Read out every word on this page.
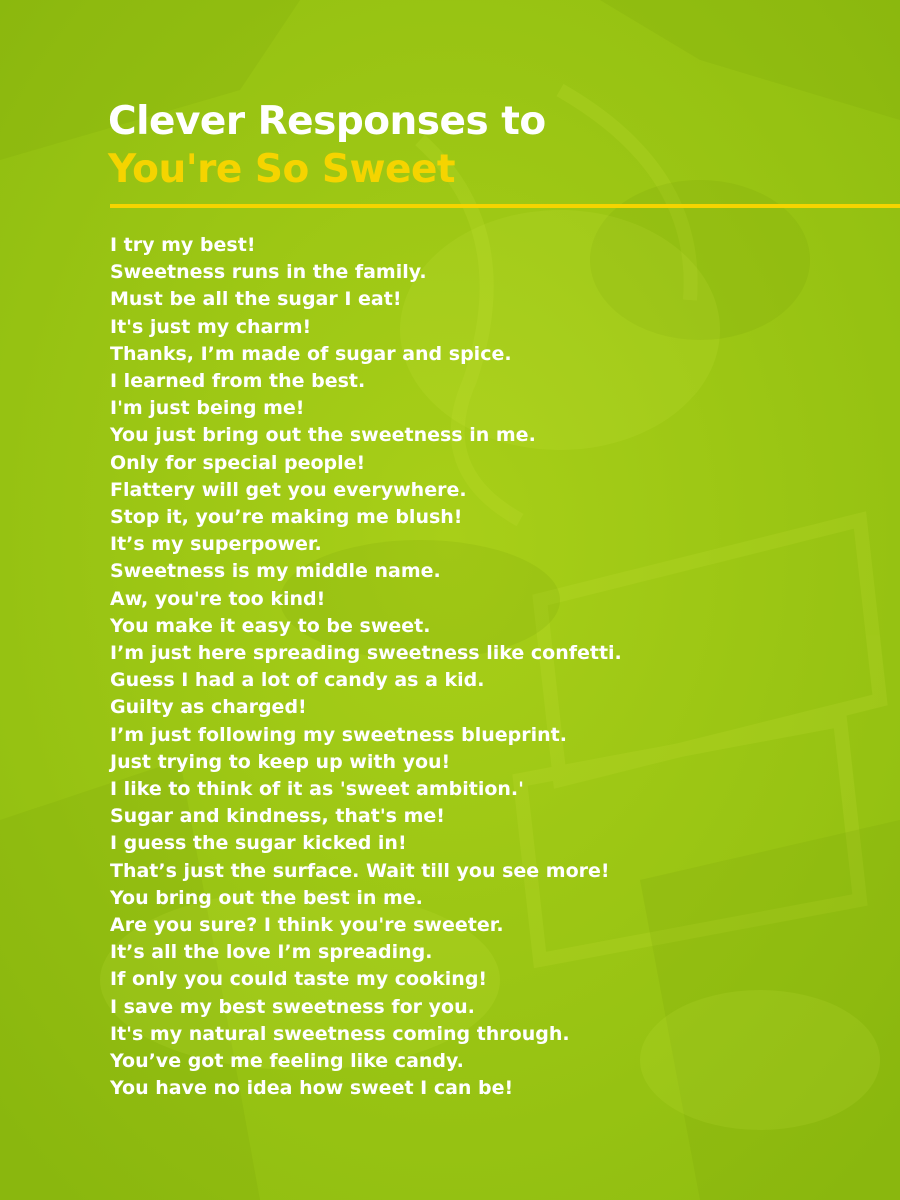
Clever Responses to
You're So Sweet
I try my best!
Sweetness runs in the family.
Must be all the sugar I eat!
It's just my charm!
Thanks, I’m made of sugar and spice.
I learned from the best.
I'm just being me!
You just bring out the sweetness in me.
Only for special people!
Flattery will get you everywhere.
Stop it, you’re making me blush!
It’s my superpower.
Sweetness is my middle name.
Aw, you're too kind!
You make it easy to be sweet.
I’m just here spreading sweetness like confetti.
Guess I had a lot of candy as a kid.
Guilty as charged!
I’m just following my sweetness blueprint.
Just trying to keep up with you!
I like to think of it as 'sweet ambition.'
Sugar and kindness, that's me!
I guess the sugar kicked in!
That’s just the surface. Wait till you see more!
You bring out the best in me.
Are you sure? I think you're sweeter.
It’s all the love I’m spreading.
If only you could taste my cooking!
I save my best sweetness for you.
It's my natural sweetness coming through.
You’ve got me feeling like candy.
You have no idea how sweet I can be!
